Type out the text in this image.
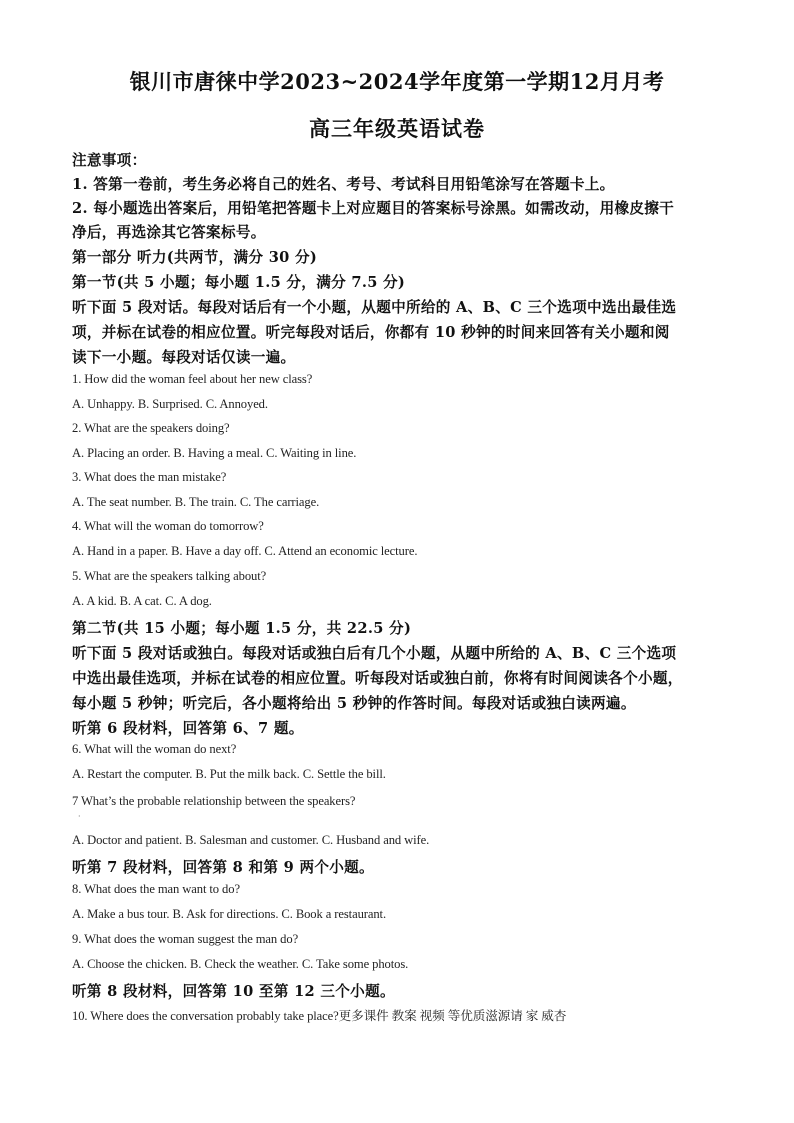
银川市唐徕中学2023~2024学年度第一学期12月月考
高三年级英语试卷
注意事项：
1. 答第一卷前，考生务必将自己的姓名、考号、考试科目用铅笔涂写在答题卡上。
2. 每小题选出答案后，用铅笔把答题卡上对应题目的答案标号涂黑。如需改动，用橡皮擦干
净后，再选涂其它答案标号。
第一部分 听力(共两节，满分 30 分)
第一节(共 5 小题；每小题 1.5 分，满分 7.5 分)
听下面 5 段对话。每段对话后有一个小题，从题中所给的 A、B、C 三个选项中选出最佳选
项，并标在试卷的相应位置。听完每段对话后，你都有 10 秒钟的时间来回答有关小题和阅
读下一小题。每段对话仅读一遍。
1. How did the woman feel about her new class?
A. Unhappy. B. Surprised. C. Annoyed.
2. What are the speakers doing?
A. Placing an order. B. Having a meal. C. Waiting in line.
3. What does the man mistake?
A. The seat number. B. The train. C. The carriage.
4. What will the woman do tomorrow?
A. Hand in a paper. B. Have a day off. C. Attend an economic lecture.
5. What are the speakers talking about?
A. A kid. B. A cat. C. A dog.
第二节(共 15 小题；每小题 1.5 分，共 22.5 分)
听下面 5 段对话或独白。每段对话或独白后有几个小题，从题中所给的 A、B、C 三个选项
中选出最佳选项，并标在试卷的相应位置。听每段对话或独白前，你将有时间阅读各个小题，
每小题 5 秒钟；听完后，各小题将给出 5 秒钟的作答时间。每段对话或独白读两遍。
听第 6 段材料，回答第 6、7 题。
6. What will the woman do next?
A. Restart the computer. B. Put the milk back. C. Settle the bill.
7 What’s the probable relationship between the speakers?
·
A. Doctor and patient. B. Salesman and customer. C. Husband and wife.
听第 7 段材料，回答第 8 和第 9 两个小题。
8. What does the man want to do?
A. Make a bus tour. B. Ask for directions. C. Book a restaurant.
9. What does the woman suggest the man do?
A. Choose the chicken. B. Check the weather. C. Take some photos.
听第 8 段材料，回答第 10 至第 12 三个小题。
10. Where does the conversation probably take place?更多课件 教案 视频 等优质滋源请 家 威杏
